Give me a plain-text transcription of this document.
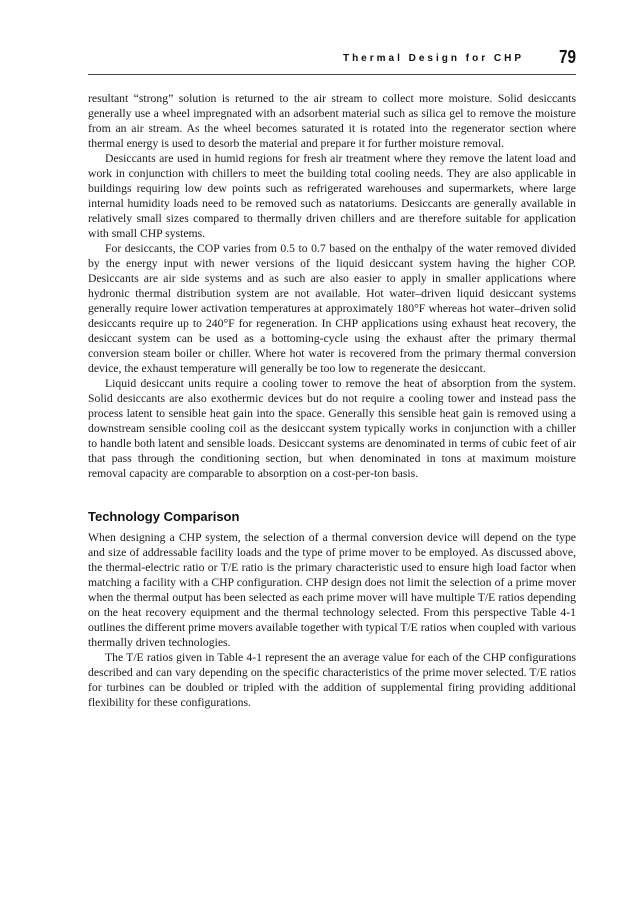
Thermal Design for CHP 79

resultant “strong” solution is returned to the air stream to collect more moisture. Solid desiccants generally use a wheel impregnated with an adsorbent material such as silica gel to remove the moisture from an air stream. As the wheel becomes saturated it is rotated into the regenerator section where thermal energy is used to desorb the material and prepare it for further moisture removal.

Desiccants are used in humid regions for fresh air treatment where they remove the latent load and work in conjunction with chillers to meet the building total cooling needs. They are also applicable in buildings requiring low dew points such as refrigerated warehouses and supermarkets, where large internal humidity loads need to be removed such as natatoriums. Desiccants are generally available in relatively small sizes compared to thermally driven chillers and are therefore suitable for application with small CHP systems.

For desiccants, the COP varies from 0.5 to 0.7 based on the enthalpy of the water removed divided by the energy input with newer versions of the liquid desiccant system having the higher COP. Desiccants are air side systems and as such are also easier to apply in smaller applications where hydronic thermal distribution system are not available. Hot water–driven liquid desiccant systems generally require lower activation temperatures at approximately 180°F whereas hot water–driven solid desiccants require up to 240°F for regeneration. In CHP applications using exhaust heat recovery, the desiccant system can be used as a bottoming-cycle using the exhaust after the primary thermal conversion steam boiler or chiller. Where hot water is recovered from the primary thermal conversion device, the exhaust temperature will generally be too low to regenerate the desiccant.

Liquid desiccant units require a cooling tower to remove the heat of absorption from the system. Solid desiccants are also exothermic devices but do not require a cooling tower and instead pass the process latent to sensible heat gain into the space. Generally this sensible heat gain is removed using a downstream sensible cooling coil as the desiccant system typically works in conjunction with a chiller to handle both latent and sensible loads. Desiccant systems are denominated in terms of cubic feet of air that pass through the conditioning section, but when denominated in tons at maximum moisture removal capacity are comparable to absorption on a cost-per-ton basis.

Technology Comparison

When designing a CHP system, the selection of a thermal conversion device will depend on the type and size of addressable facility loads and the type of prime mover to be employed. As discussed above, the thermal-electric ratio or T/E ratio is the primary characteristic used to ensure high load factor when matching a facility with a CHP configuration. CHP design does not limit the selection of a prime mover when the thermal output has been selected as each prime mover will have multiple T/E ratios depending on the heat recovery equipment and the thermal technology selected. From this perspective Table 4-1 outlines the different prime movers available together with typical T/E ratios when coupled with various thermally driven technologies.

The T/E ratios given in Table 4-1 represent the an average value for each of the CHP configurations described and can vary depending on the specific characteristics of the prime mover selected. T/E ratios for turbines can be doubled or tripled with the addition of supplemental firing providing additional flexibility for these configurations.
